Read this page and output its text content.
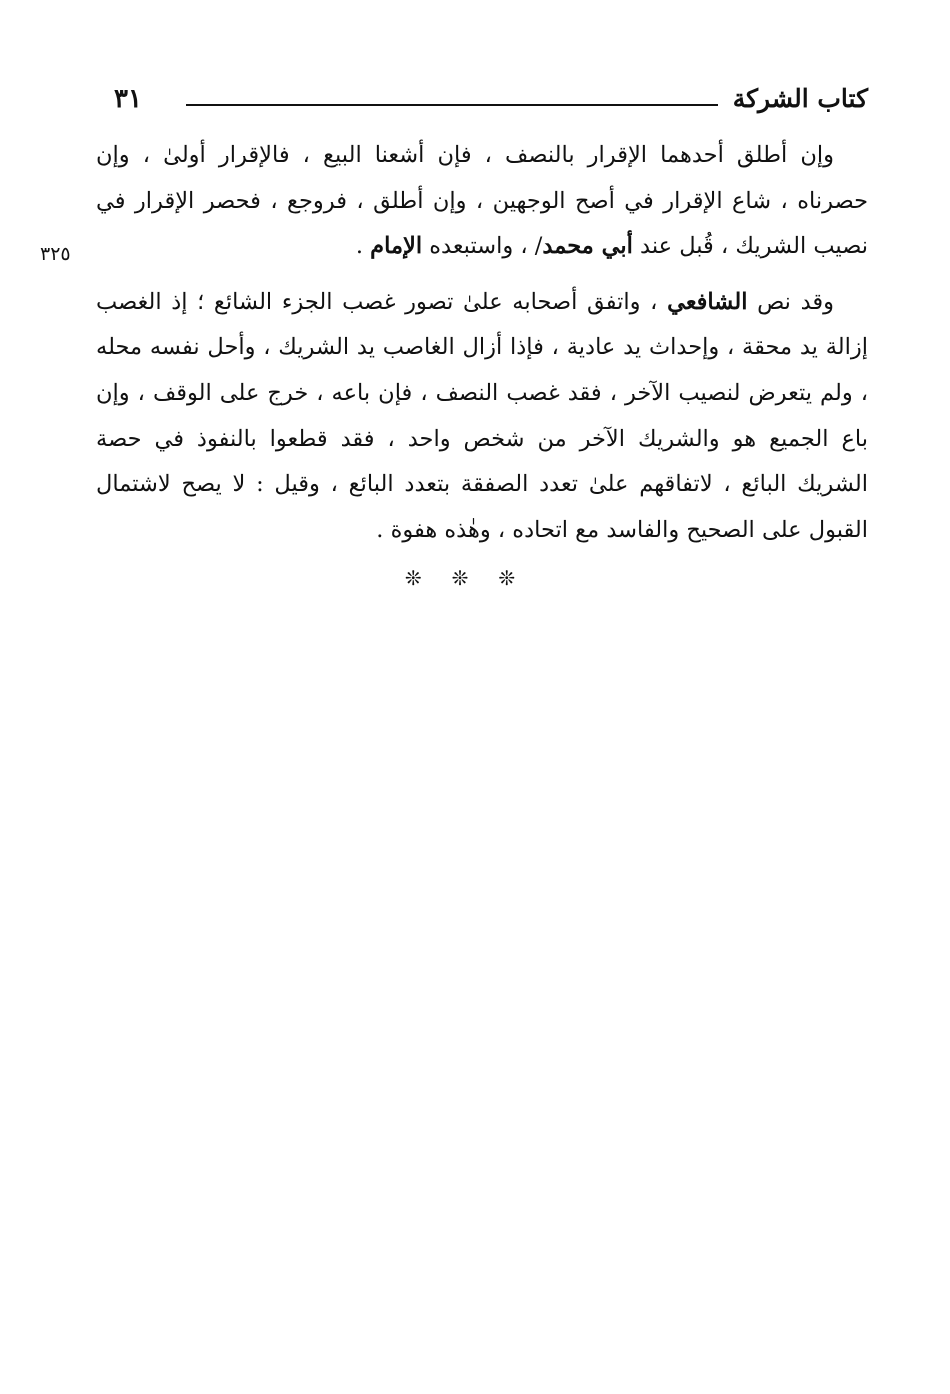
كتاب الشركة
٣١
٣٢٥

وإن أطلق أحدهما الإقرار بالنصف ، فإن أشعنا البيع ، فالإقرار أولىٰ ، وإن حصرناه ، شاع الإقرار في أصح الوجهين ، وإن أطلق ، فروجع ، فحصر الإقرار في نصيب الشريك ، قُبل عند أبي محمد/ ، واستبعده الإمام .

وقد نص الشافعي ، واتفق أصحابه علىٰ تصور غصب الجزء الشائع ؛ إذ الغصب إزالة يد محقة ، وإحداث يد عادية ، فإذا أزال الغاصب يد الشريك ، وأحل نفسه محله ، ولم يتعرض لنصيب الآخر ، فقد غصب النصف ، فإن باعه ، خرج على الوقف ، وإن باع الجميع هو والشريك الآخر من شخص واحد ، فقد قطعوا بالنفوذ في حصة الشريك البائع ، لاتفاقهم علىٰ تعدد الصفقة بتعدد البائع ، وقيل : لا يصح لاشتمال القبول على الصحيح والفاسد مع اتحاده ، وهٰذه هفوة .

❊❊❊
